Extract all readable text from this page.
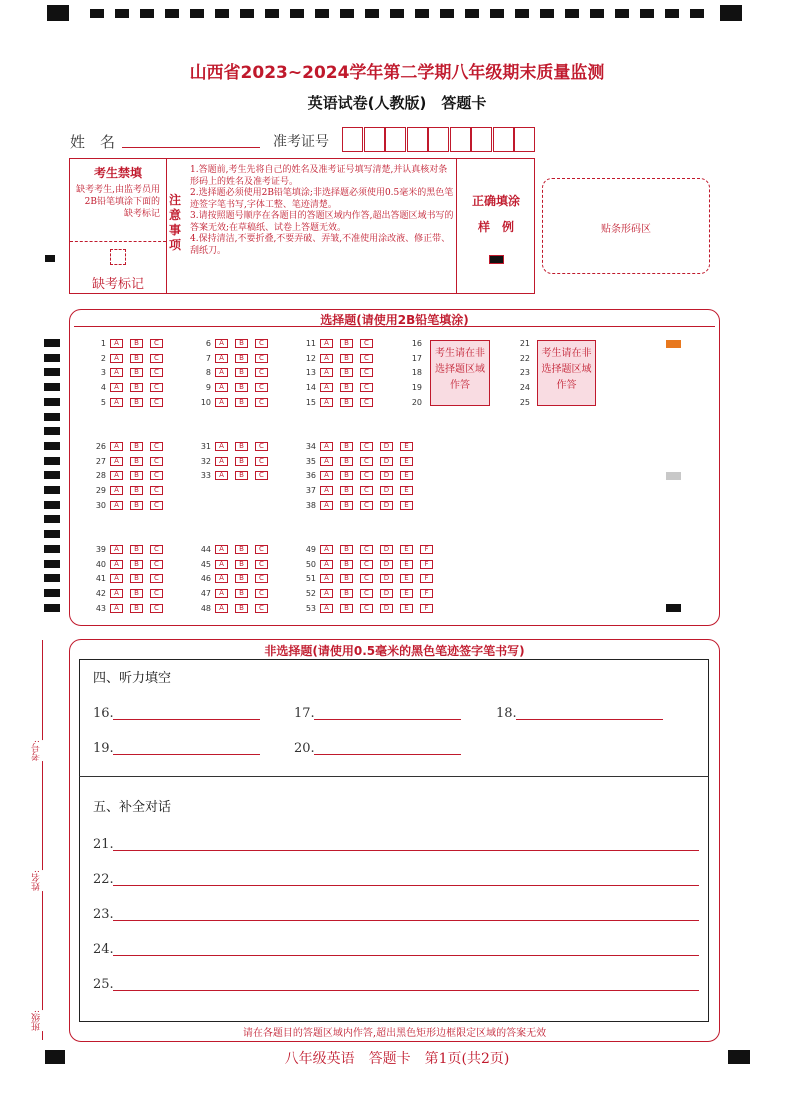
山西省2023~2024学年第二学期八年级期末质量监测
英语试卷(人教版)　答题卡
姓　名	准考证号
考生禁填
缺考考生,由监考员用2B铅笔填涂下面的缺考标记
缺考标记
注意事项
1.答题前,考生先将自己的姓名及准考证号填写清楚,并认真核对条形码上的姓名及准考证号。
2.选择题必须使用2B铅笔填涂;非选择题必须使用0.5毫米的黑色笔迹签字笔书写,字体工整、笔迹清楚。
3.请按照题号顺序在各题目的答题区域内作答,超出答题区域书写的答案无效;在草稿纸、试卷上答题无效。
4.保持清洁,不要折叠,不要弄破、弄皱,不准使用涂改液、修正带、刮纸刀。
正确填涂
样　例	贴条形码区
选择题(请使用2B铅笔填涂)
1	A	B	C
2	A	B	C
3	A	B	C
4	A	B	C
5	A	B	C
6	A	B	C
7	A	B	C
8	A	B	C
9	A	B	C
10	A	B	C
11	A	B	C
12	A	B	C
13	A	B	C
14	A	B	C
15	A	B	C
26	A	B	C
27	A	B	C
28	A	B	C
29	A	B	C
30	A	B	C
31	A	B	C
32	A	B	C
33	A	B	C
34	A	B	C	D	E
35	A	B	C	D	E
36	A	B	C	D	E
37	A	B	C	D	E
38	A	B	C	D	E
39	A	B	C
40	A	B	C
41	A	B	C
42	A	B	C
43	A	B	C
44	A	B	C
45	A	B	C
46	A	B	C
47	A	B	C
48	A	B	C
49	A	B	C	D	E	F
50	A	B	C	D	E	F
51	A	B	C	D	E	F
52	A	B	C	D	E	F
53	A	B	C	D	E	F
16	21
17	22
18	23
19	24
20	25
考生请在非选择题区域作答
考生请在非选择题区域作答
非选择题(请使用0.5毫米的黑色笔迹签字笔书写)
四、听力填空
16.	17.	18.
19.	20.
五、补全对话
21.
22.
23.
24.
25.
请在各题目的答题区域内作答,超出黑色矩形边框限定区域的答案无效
考号:
姓名:
班级:
八年级英语　答题卡　第1页(共2页)
